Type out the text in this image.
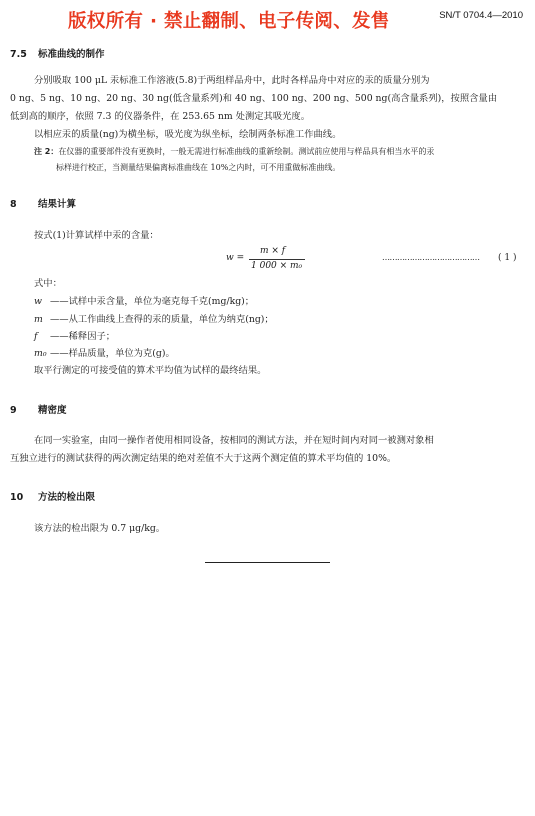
SN/T 0704.4—2010
版权所有 · 禁止翻制、电子传阅、发售
7.5 标准曲线的制作
分别吸取 100 μL 汞标准工作溶液(5.8)于两组样品舟中，此时各样品舟中对应的汞的质量分别为
0 ng、5 ng、10 ng、20 ng、30 ng(低含量系列)和 40 ng、100 ng、200 ng、500 ng(高含量系列)，按照含量由
低到高的顺序，依照 7.3 的仪器条件，在 253.65 nm 处测定其吸光度。
以相应汞的质量(ng)为横坐标，吸光度为纵坐标，绘制两条标准工作曲线。
注 2：在仪器的重要部件没有更换时，一般无需进行标准曲线的重新绘制。测试前应使用与样品具有相当水平的汞
标样进行校正，当测量结果偏离标准曲线在 10%之内时，可不用重做标准曲线。
8 结果计算
按式(1)计算试样中汞的含量：
w =
m × f
1 000 × m₀
………………………………… ( 1 )
式中：
w ——试样中汞含量，单位为毫克每千克(mg/kg)；
m ——从工作曲线上查得的汞的质量，单位为纳克(ng)；
f ——稀释因子；
m₀ ——样品质量，单位为克(g)。
取平行测定的可接受值的算术平均值为试样的最终结果。
9 精密度
在同一实验室，由同一操作者使用相同设备，按相同的测试方法，并在短时间内对同一被测对象相
互独立进行的测试获得的两次测定结果的绝对差值不大于这两个测定值的算术平均值的 10%。
10 方法的检出限
该方法的检出限为 0.7 μg/kg。
